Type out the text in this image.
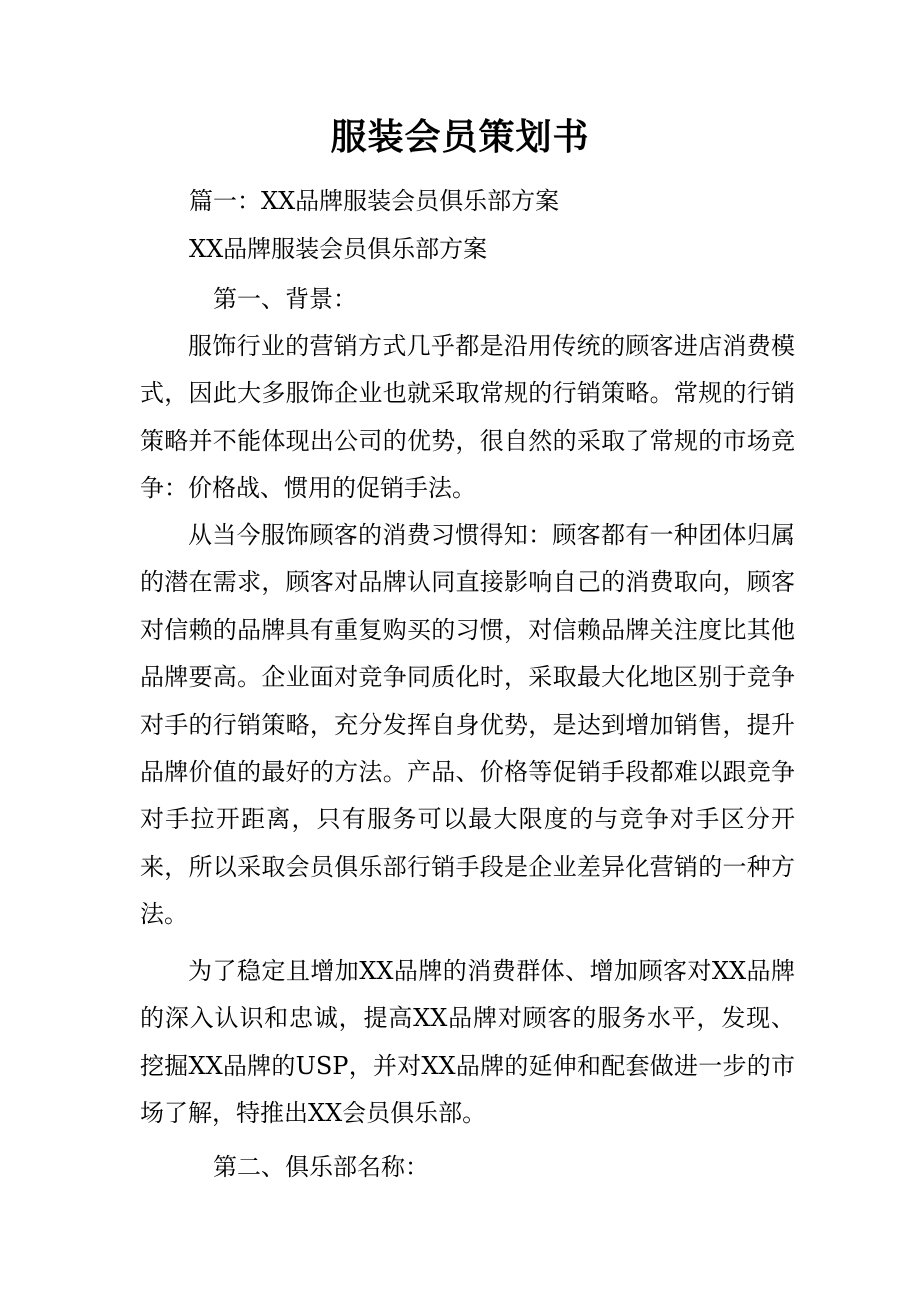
服装会员策划书
篇一：XX品牌服装会员俱乐部方案
XX品牌服装会员俱乐部方案
第一、背景：

服饰行业的营销方式几乎都是沿用传统的顾客进店消费模式，因此大多服饰企业也就采取常规的行销策略。常规的行销策略并不能体现出公司的优势，很自然的采取了常规的市场竞争：价格战、惯用的促销手法。

从当今服饰顾客的消费习惯得知：顾客都有一种团体归属的潜在需求，顾客对品牌认同直接影响自己的消费取向，顾客对信赖的品牌具有重复购买的习惯，对信赖品牌关注度比其他品牌要高。企业面对竞争同质化时，采取最大化地区别于竞争对手的行销策略，充分发挥自身优势，是达到增加销售，提升品牌价值的最好的方法。产品、价格等促销手段都难以跟竞争对手拉开距离，只有服务可以最大限度的与竞争对手区分开来，所以采取会员俱乐部行销手段是企业差异化营销的一种方法。

为了稳定且增加XX品牌的消费群体、增加顾客对XX品牌的深入认识和忠诚，提高XX品牌对顾客的服务水平，发现、挖掘XX品牌的USP，并对XX品牌的延伸和配套做进一步的市场了解，特推出XX会员俱乐部。

第二、俱乐部名称：
